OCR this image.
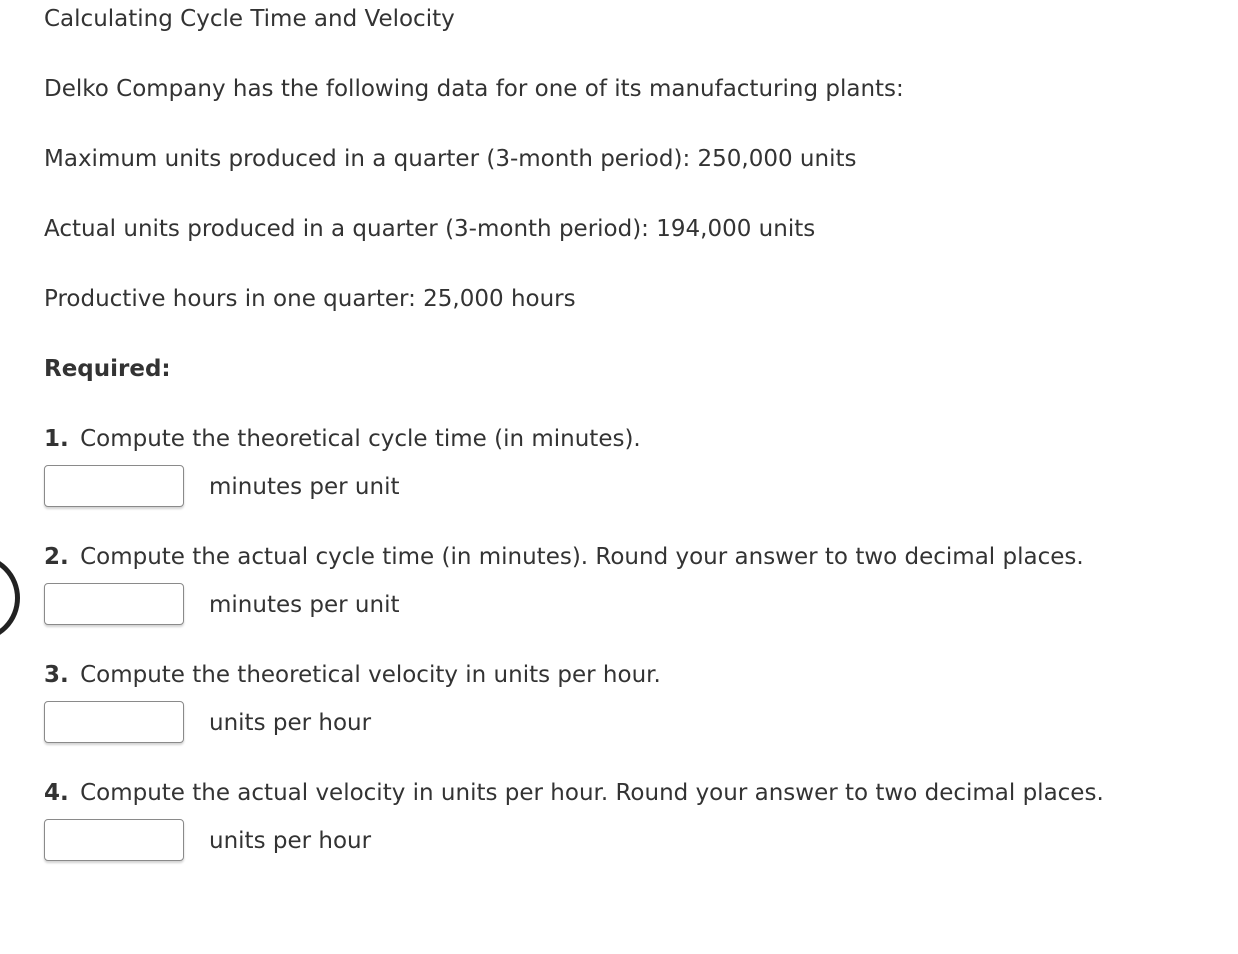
Calculating Cycle Time and Velocity
Delko Company has the following data for one of its manufacturing plants:
Maximum units produced in a quarter (3-month period): 250,000 units
Actual units produced in a quarter (3-month period): 194,000 units
Productive hours in one quarter: 25,000 hours
Required:
1. Compute the theoretical cycle time (in minutes).
minutes per unit
2. Compute the actual cycle time (in minutes). Round your answer to two decimal places.
minutes per unit
3. Compute the theoretical velocity in units per hour.
units per hour
4. Compute the actual velocity in units per hour. Round your answer to two decimal places.
units per hour
